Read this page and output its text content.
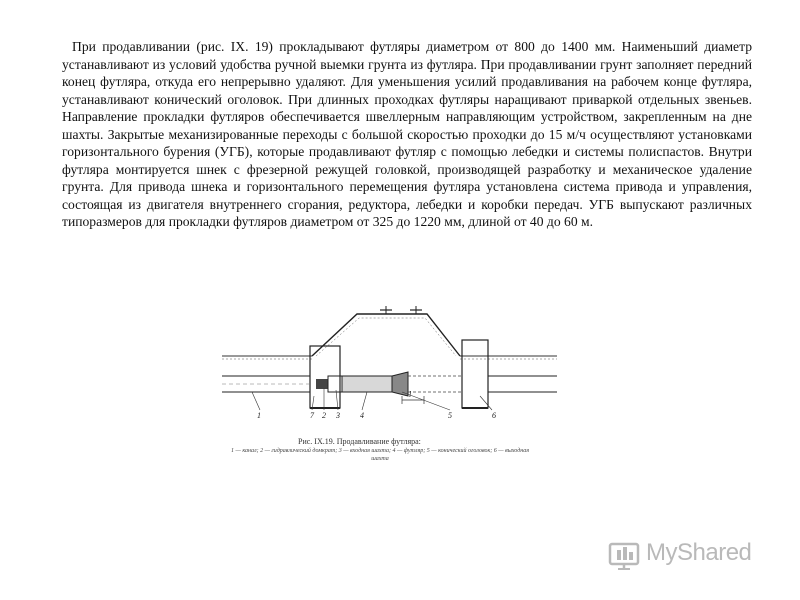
При продавливании (рис. IX. 19) прокладывают футляры диаметром от 800 до 1400 мм. Наименьший диаметр устанавливают из условий удобства ручной выемки грунта из футляра. При продавливании грунт заполняет передний конец футляра, откуда его непрерывно удаляют. Для уменьшения усилий продавливания на рабочем конце футляра, устанавливают конический оголовок. При длинных проходках футляры наращивают приваркой отдельных звеньев. Направление прокладки футляров обеспечивается швеллерным направляющим устройством, закрепленным на дне шахты. Закрытые механизированные переходы с большой скоростью проходки до 15 м/ч осуществляют установками горизонтального бурения (УГБ), которые продавливают футляр с помощью лебедки и системы полиспастов. Внутри футляра монтируется шнек с фрезерной режущей головкой, производящей разработку и механическое удаление грунта. Для привода шнека и горизонтального перемещения футляра установлена система привода и управления, состоящая из двигателя внутреннего сгорания, редуктора, лебедки и коробки передач. УГБ выпускают различных типоразмеров для прокладки футляров диаметром от 325 до 1220 мм, длиной от 40 до 60 м.

1	7 2 3	4	5	6
l
Рис. IX.19. Продавливание футляра:
1 — канал; 2 — гидравлический домкрат; 3 — входная шахта; 4 — футляр; 5 — конический оголовок; 6 — выходная шахта
MyShared
